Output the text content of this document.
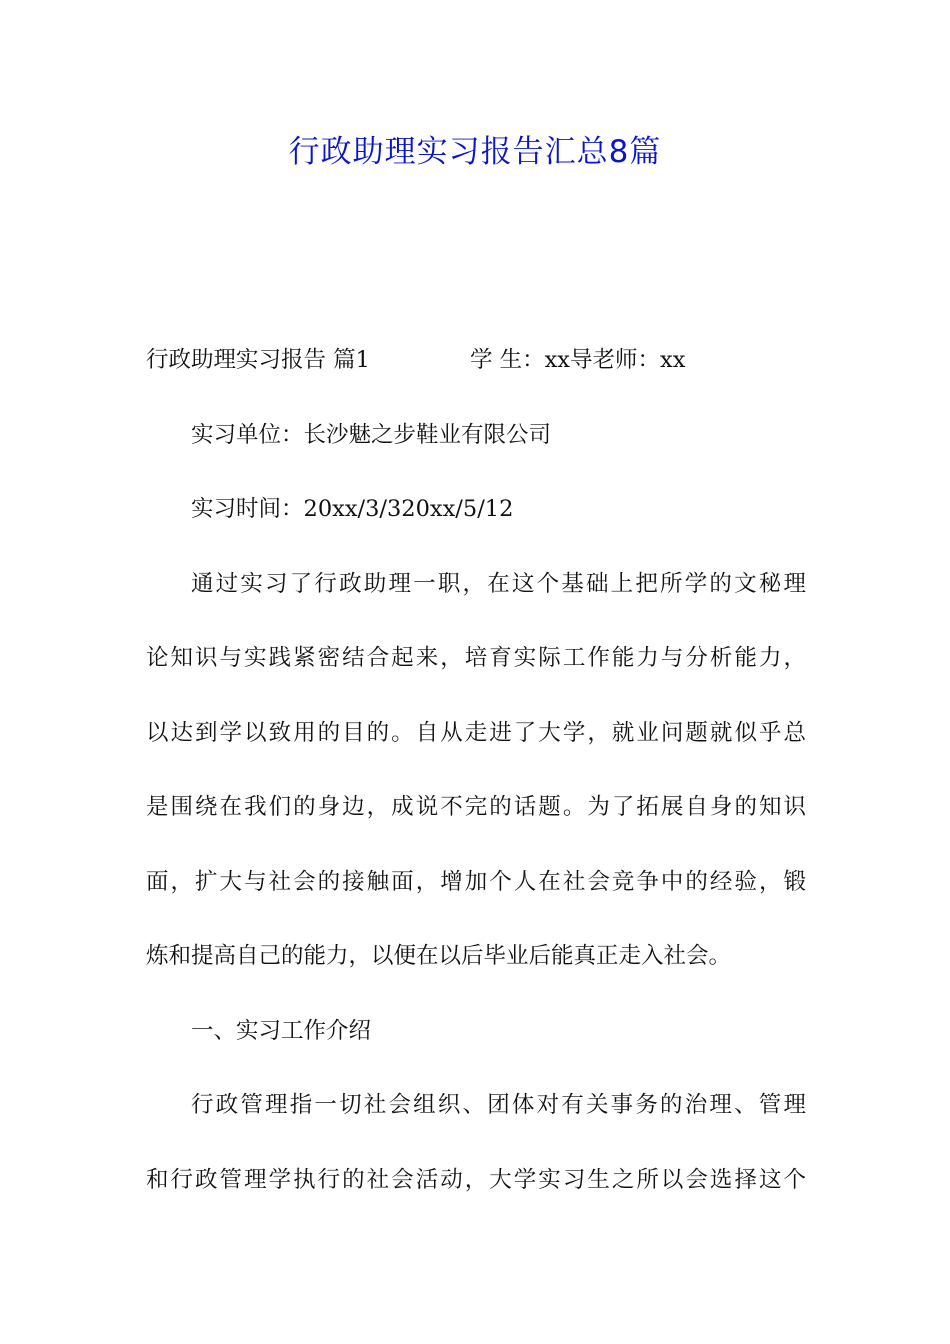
行政助理实习报告汇总8篇
行政助理实习报告 篇1	学 生：xx导老师：xx
实习单位：长沙魅之步鞋业有限公司
实习时间：20xx/3/320xx/5/12
通过实习了行政助理一职，在这个基础上把所学的文秘理
论知识与实践紧密结合起来，培育实际工作能力与分析能力，
以达到学以致用的目的。自从走进了大学，就业问题就似乎总
是围绕在我们的身边，成说不完的话题。为了拓展自身的知识
面，扩大与社会的接触面，增加个人在社会竞争中的经验，锻
炼和提高自己的能力，以便在以后毕业后能真正走入社会。
一、实习工作介绍
行政管理指一切社会组织、团体对有关事务的治理、管理
和行政管理学执行的社会活动，大学实习生之所以会选择这个
